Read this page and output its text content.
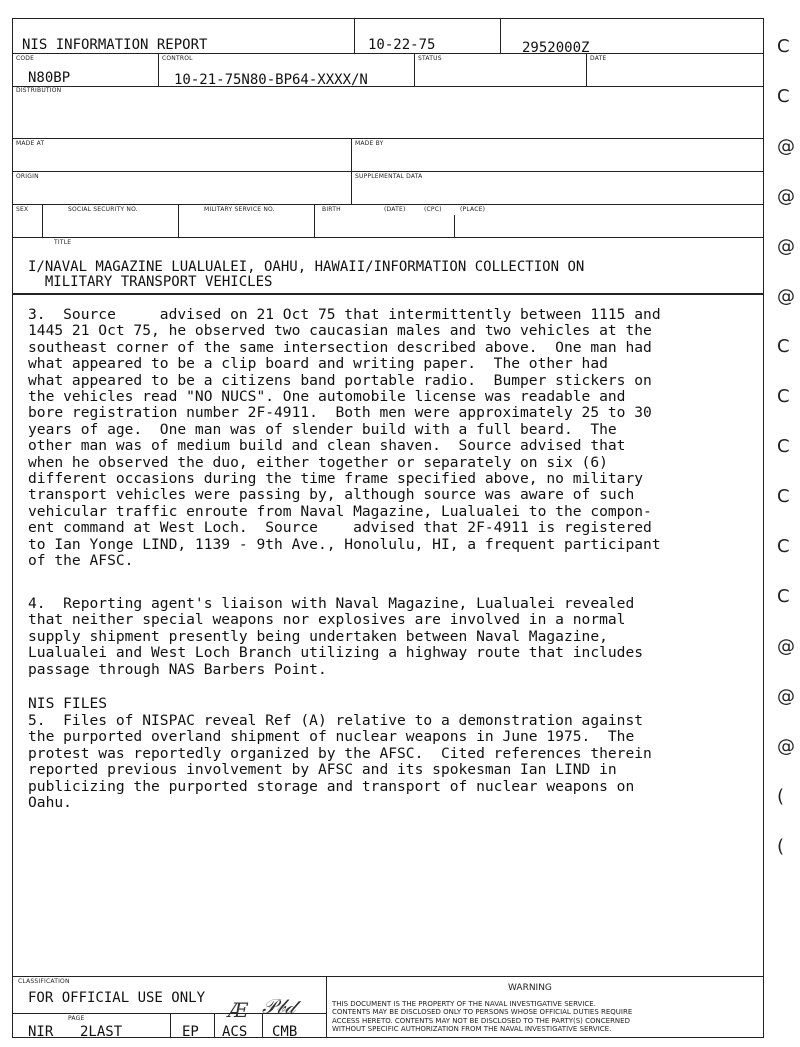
NIS INFORMATION REPORT	10-22-75	2952000Z
CODE
N80BP
CONTROL
10-21-75N80-BP64-XXXX/N
STATUS	DATE
DISTRIBUTION
MADE AT	MADE BY
ORIGIN	SUPPLEMENTAL DATA
SEX	SOCIAL SECURITY NO.	MILITARY SERVICE NO.	BIRTH	(DATE)	(CPC)	(PLACE)
TITLE
I/NAVAL MAGAZINE LUALUALEI, OAHU, HAWAII/INFORMATION COLLECTION ON
MILITARY TRANSPORT VEHICLES

3.  Source     advised on 21 Oct 75 that intermittently between 1115 and

1445 21 Oct 75, he observed two caucasian males and two vehicles at the

southeast corner of the same intersection described above.  One man had

what appeared to be a clip board and writing paper.  The other had

what appeared to be a citizens band portable radio.  Bumper stickers on

the vehicles read "NO NUCS". One automobile license was readable and

bore registration number 2F-4911.  Both men were approximately 25 to 30

years of age.  One man was of slender build with a full beard.  The

other man was of medium build and clean shaven.  Source advised that

when he observed the duo, either together or separately on six (6)

different occasions during the time frame specified above, no military

transport vehicles were passing by, although source was aware of such

vehicular traffic enroute from Naval Magazine, Lualualei to the compon-

ent command at West Loch.  Source    advised that 2F-4911 is registered

to Ian Yonge LIND, 1139 - 9th Ave., Honolulu, HI, a frequent participant

of the AFSC.

4.  Reporting agent's liaison with Naval Magazine, Lualualei revealed

that neither special weapons nor explosives are involved in a normal

supply shipment presently being undertaken between Naval Magazine,

Lualualei and West Loch Branch utilizing a highway route that includes

passage through NAS Barbers Point.

NIS FILES

5.  Files of NISPAC reveal Ref (A) relative to a demonstration against

the purported overland shipment of nuclear weapons in June 1975.  The

protest was reportedly organized by the AFSC.  Cited references therein

reported previous involvement by AFSC and its spokesman Ian LIND in

publicizing the purported storage and transport of nuclear weapons on

Oahu.

CLASSIFICATION
FOR OFFICIAL USE ONLY
PAGE
NIR 2LAST	EP ACS CMB
Æ 𝒫𝒷𝒹
WARNING
THIS DOCUMENT IS THE PROPERTY OF THE NAVAL INVESTIGATIVE SERVICE.
CONTENTS MAY BE DISCLOSED ONLY TO PERSONS WHOSE OFFICIAL DUTIES REQUIRE
ACCESS HERETO. CONTENTS MAY NOT BE DISCLOSED TO THE PARTY(S) CONCERNED
WITHOUT SPECIFIC AUTHORIZATION FROM THE NAVAL INVESTIGATIVE SERVICE.
C
C
@
@
@
@
C
C
C
C
C
C
@
@
@
(
(
